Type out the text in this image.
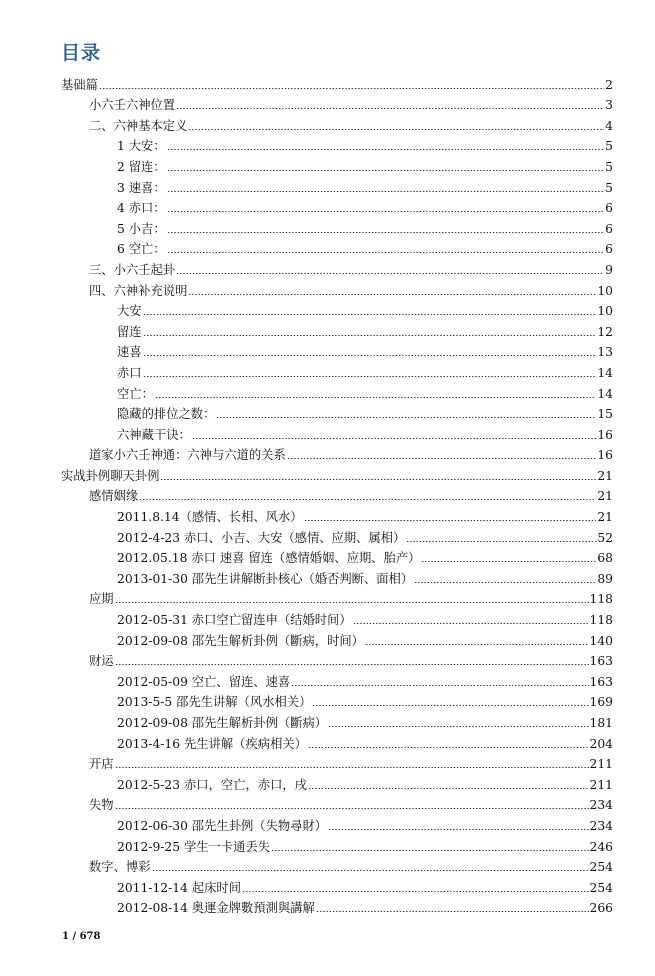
目录
基础篇	2
小六壬六神位置	3
二、六神基本定义	4
1 大安：	5
2 留连：	5
3 速喜：	5
4 赤口：	6
5 小吉：	6
6 空亡：	6
三、小六壬起卦	9
四、六神补充说明	10
大安	10
留连	12
速喜	13
赤口	14
空亡：	14
隐藏的排位之数：	15
六神藏干诀：	16
道家小六壬神通：六神与六道的关系	16
实战卦例聊天卦例	21
感情姻缘	21
2011.8.14（感情、长相、风水）	21
2012-4-23 赤口、小吉、大安（感情、应期、属相）	52
2012.05.18 赤口 速喜 留连（感情婚姻、应期、胎产）	68
2013-01-30 邵先生讲解断卦核心（婚否判断、面相）	89
应期	118
2012-05-31 赤口空亡留连申（结婚时间）	118
2012-09-08 邵先生解析卦例（斷病，时间）	140
财运	163
2012-05-09 空亡、留连、速喜	163
2013-5-5 邵先生讲解（风水相关）	169
2012-09-08 邵先生解析卦例（斷病）	181
2013-4-16 先生讲解（疾病相关）	204
开店	211
2012-5-23 赤口，空亡，赤口，戌	211
失物	234
2012-06-30 邵先生卦例（失物尋財）	234
2012-9-25 学生一卡通丢失	246
数字、博彩	254
2011-12-14 起床时间	254
2012-08-14 奥運金牌數預測與講解	266
1 / 678
